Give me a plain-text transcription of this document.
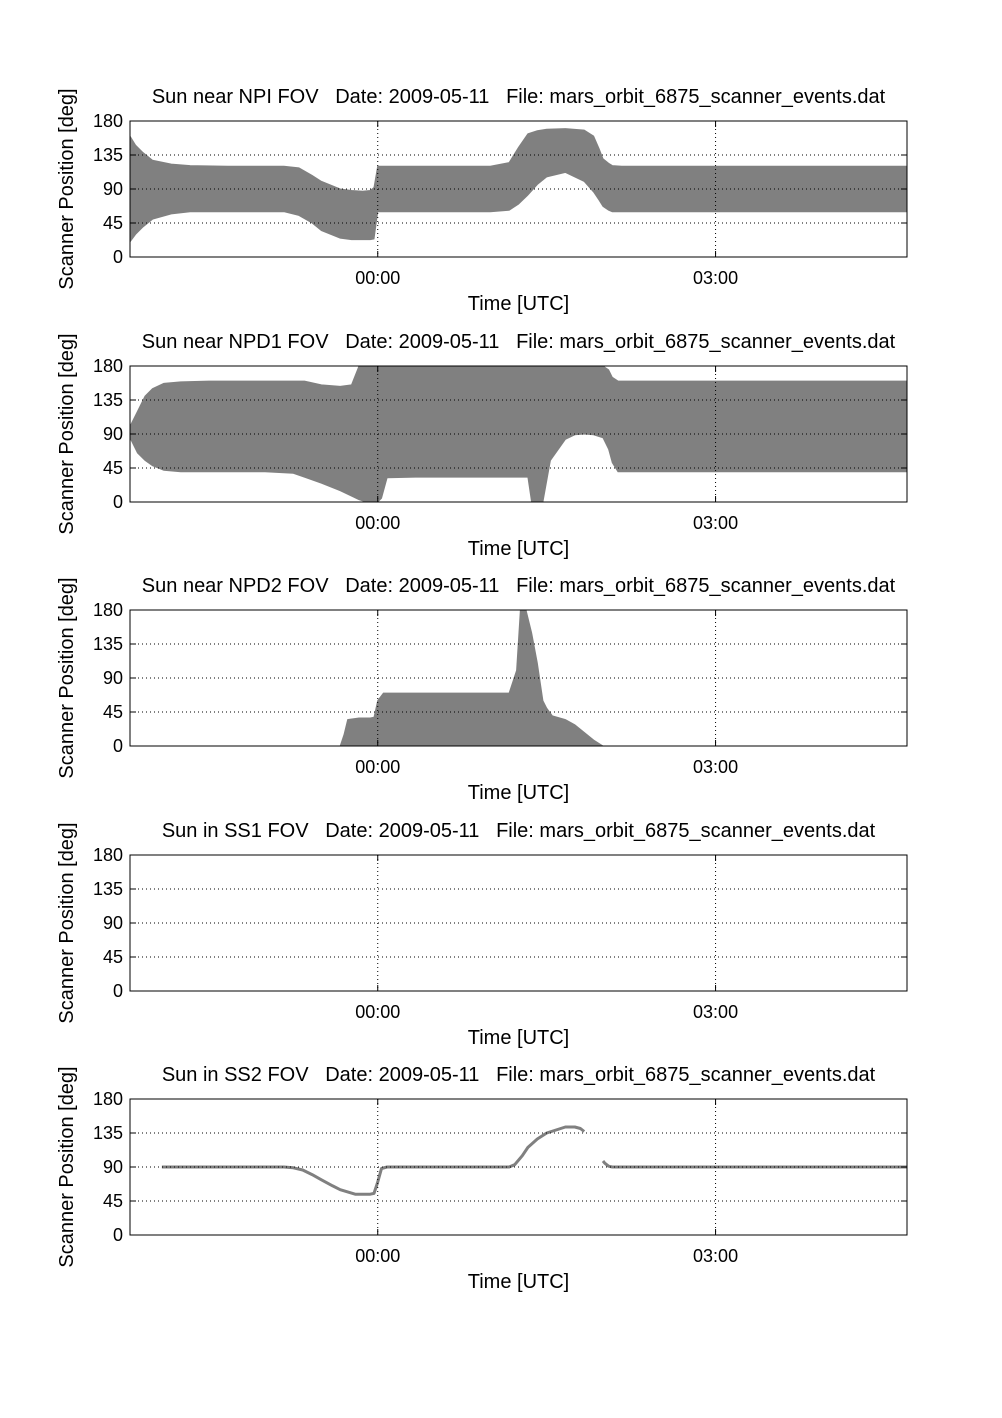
0
45
90
135
180
00:00	03:00
Sun near NPI FOV   Date: 2009-05-11   File: mars_orbit_6875_scanner_events.dat
Time [UTC]
Scanner Position [deg]
0
45
90
135
180
00:00	03:00
Sun near NPD1 FOV   Date: 2009-05-11   File: mars_orbit_6875_scanner_events.dat
Time [UTC]
Scanner Position [deg]
0
45
90
135
180
00:00	03:00
Sun near NPD2 FOV   Date: 2009-05-11   File: mars_orbit_6875_scanner_events.dat
Time [UTC]
Scanner Position [deg]
0
45
90
135
180
00:00	03:00
Sun in SS1 FOV   Date: 2009-05-11   File: mars_orbit_6875_scanner_events.dat
Time [UTC]
Scanner Position [deg]
0
45
90
135
180
00:00	03:00
Sun in SS2 FOV   Date: 2009-05-11   File: mars_orbit_6875_scanner_events.dat
Time [UTC]
Scanner Position [deg]
